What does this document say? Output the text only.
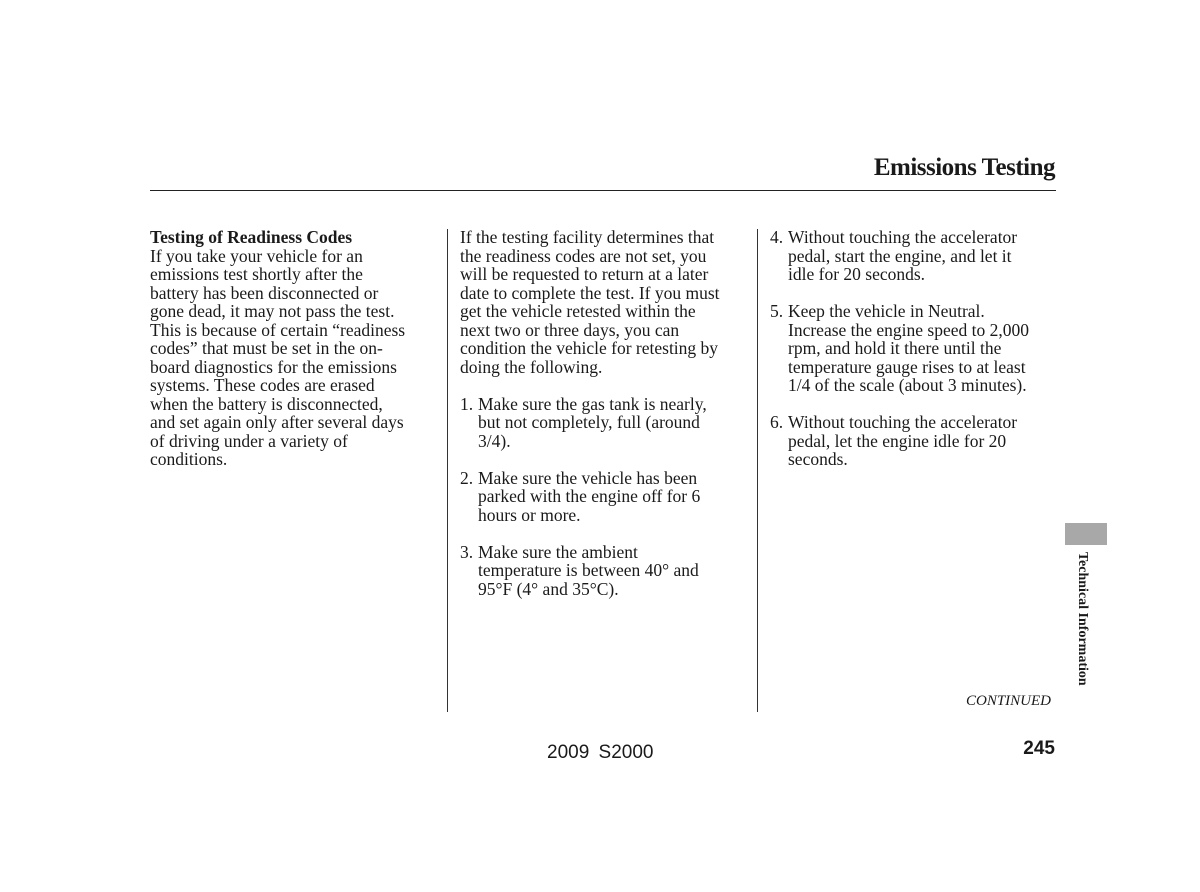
Emissions Testing
Testing of Readiness Codes
If you take your vehicle for an
emissions test shortly after the
battery has been disconnected or
gone dead, it may not pass the test.
This is because of certain “readiness
codes” that must be set in the on-
board diagnostics for the emissions
systems. These codes are erased
when the battery is disconnected,
and set again only after several days
of driving under a variety of
conditions.
If the testing facility determines that
the readiness codes are not set, you
will be requested to return at a later
date to complete the test. If you must
get the vehicle retested within the
next two or three days, you can
condition the vehicle for retesting by
doing the following.
1. Make sure the gas tank is nearly,
but not completely, full (around
3/4).
2. Make sure the vehicle has been
parked with the engine off for 6
hours or more.
3. Make sure the ambient
temperature is between 40° and
95°F (4° and 35°C).
4. Without touching the accelerator
pedal, start the engine, and let it
idle for 20 seconds.
5. Keep the vehicle in Neutral.
Increase the engine speed to 2,000
rpm, and hold it there until the
temperature gauge rises to at least
1/4 of the scale (about 3 minutes).
6. Without touching the accelerator
pedal, let the engine idle for 20
seconds.
Technical Information
CONTINUED
2009 S2000	245
